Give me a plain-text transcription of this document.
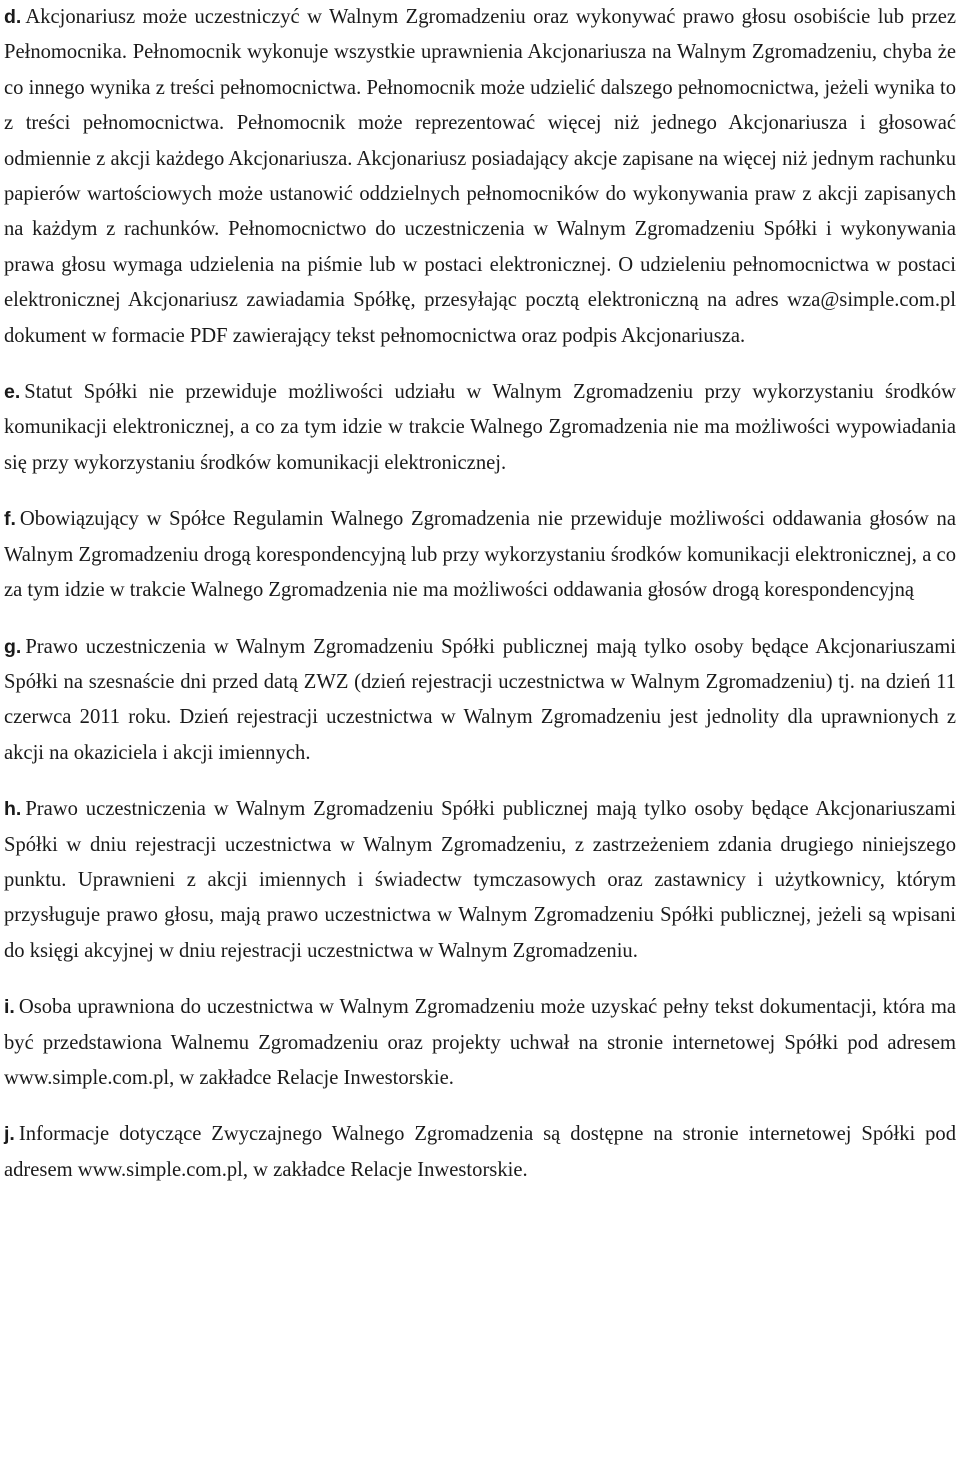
d. Akcjonariusz może uczestniczyć w Walnym Zgromadzeniu oraz wykonywać prawo głosu osobiście lub przez Pełnomocnika. Pełnomocnik wykonuje wszystkie uprawnienia Akcjonariusza na Walnym Zgromadzeniu, chyba że co innego wynika z treści pełnomocnictwa. Pełnomocnik może udzielić dalszego pełnomocnictwa, jeżeli wynika to z treści pełnomocnictwa. Pełnomocnik może reprezentować więcej niż jednego Akcjonariusza i głosować odmiennie z akcji każdego Akcjonariusza. Akcjonariusz posiadający akcje zapisane na więcej niż jednym rachunku papierów wartościowych może ustanowić oddzielnych pełnomocników do wykonywania praw z akcji zapisanych na każdym z rachunków. Pełnomocnictwo do uczestniczenia w Walnym Zgromadzeniu Spółki i wykonywania prawa głosu wymaga udzielenia na piśmie lub w postaci elektronicznej. O udzieleniu pełnomocnictwa w postaci elektronicznej Akcjonariusz zawiadamia Spółkę, przesyłając pocztą elektroniczną na adres wza@simple.com.pl dokument w formacie PDF zawierający tekst pełnomocnictwa oraz podpis Akcjonariusza.

e. Statut Spółki nie przewiduje możliwości udziału w Walnym Zgromadzeniu przy wykorzystaniu środków komunikacji elektronicznej, a co za tym idzie w trakcie Walnego Zgromadzenia nie ma możliwości wypowiadania się przy wykorzystaniu środków komunikacji elektronicznej.

f. Obowiązujący w Spółce Regulamin Walnego Zgromadzenia nie przewiduje możliwości oddawania głosów na Walnym Zgromadzeniu drogą korespondencyjną lub przy wykorzystaniu środków komunikacji elektronicznej, a co za tym idzie w trakcie Walnego Zgromadzenia nie ma możliwości oddawania głosów drogą korespondencyjną

g. Prawo uczestniczenia w Walnym Zgromadzeniu Spółki publicznej mają tylko osoby będące Akcjonariuszami Spółki na szesnaście dni przed datą ZWZ (dzień rejestracji uczestnictwa w Walnym Zgromadzeniu) tj. na dzień 11 czerwca 2011 roku. Dzień rejestracji uczestnictwa w Walnym Zgromadzeniu jest jednolity dla uprawnionych z akcji na okaziciela i akcji imiennych.

h. Prawo uczestniczenia w Walnym Zgromadzeniu Spółki publicznej mają tylko osoby będące Akcjonariuszami Spółki w dniu rejestracji uczestnictwa w Walnym Zgromadzeniu, z zastrzeżeniem zdania drugiego niniejszego punktu. Uprawnieni z akcji imiennych i świadectw tymczasowych oraz zastawnicy i użytkownicy, którym przysługuje prawo głosu, mają prawo uczestnictwa w Walnym Zgromadzeniu Spółki publicznej, jeżeli są wpisani do księgi akcyjnej w dniu rejestracji uczestnictwa w Walnym Zgromadzeniu.

i. Osoba uprawniona do uczestnictwa w Walnym Zgromadzeniu może uzyskać pełny tekst dokumentacji, która ma być przedstawiona Walnemu Zgromadzeniu oraz projekty uchwał na stronie internetowej Spółki pod adresem www.simple.com.pl, w zakładce Relacje Inwestorskie.

j. Informacje dotyczące Zwyczajnego Walnego Zgromadzenia są dostępne na stronie internetowej Spółki pod adresem www.simple.com.pl, w zakładce Relacje Inwestorskie.
